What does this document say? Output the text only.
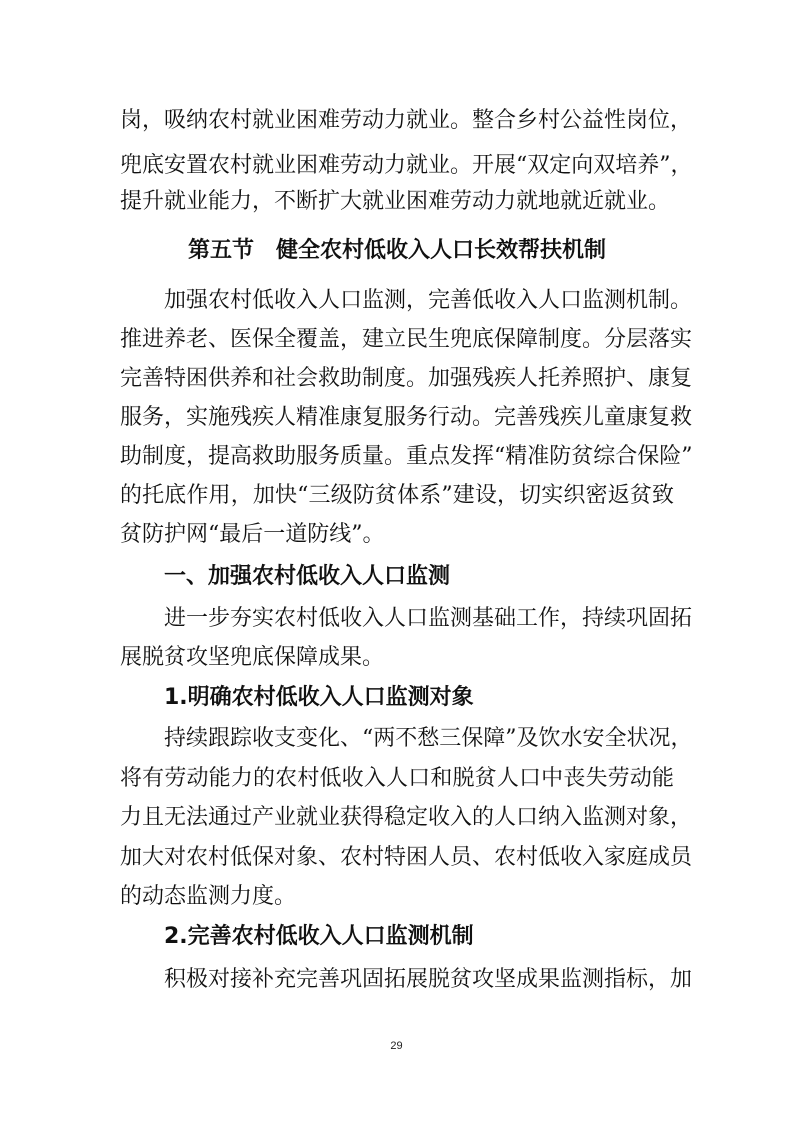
岗，吸纳农村就业困难劳动力就业。整合乡村公益性岗位，
兜底安置农村就业困难劳动力就业。开展“双定向双培养”，
提升就业能力，不断扩大就业困难劳动力就地就近就业。
第五节 健全农村低收入人口长效帮扶机制
加强农村低收入人口监测，完善低收入人口监测机制。
推进养老、医保全覆盖，建立民生兜底保障制度。分层落实
完善特困供养和社会救助制度。加强残疾人托养照护、康复
服务，实施残疾人精准康复服务行动。完善残疾儿童康复救
助制度，提高救助服务质量。重点发挥“精准防贫综合保险”
的托底作用，加快“三级防贫体系”建设，切实织密返贫致
贫防护网“最后一道防线”。
一、加强农村低收入人口监测
进一步夯实农村低收入人口监测基础工作，持续巩固拓
展脱贫攻坚兜底保障成果。
1.明确农村低收入人口监测对象
持续跟踪收支变化、“两不愁三保障”及饮水安全状况，
将有劳动能力的农村低收入人口和脱贫人口中丧失劳动能
力且无法通过产业就业获得稳定收入的人口纳入监测对象，
加大对农村低保对象、农村特困人员、农村低收入家庭成员
的动态监测力度。
2.完善农村低收入人口监测机制
积极对接补充完善巩固拓展脱贫攻坚成果监测指标，加
29
